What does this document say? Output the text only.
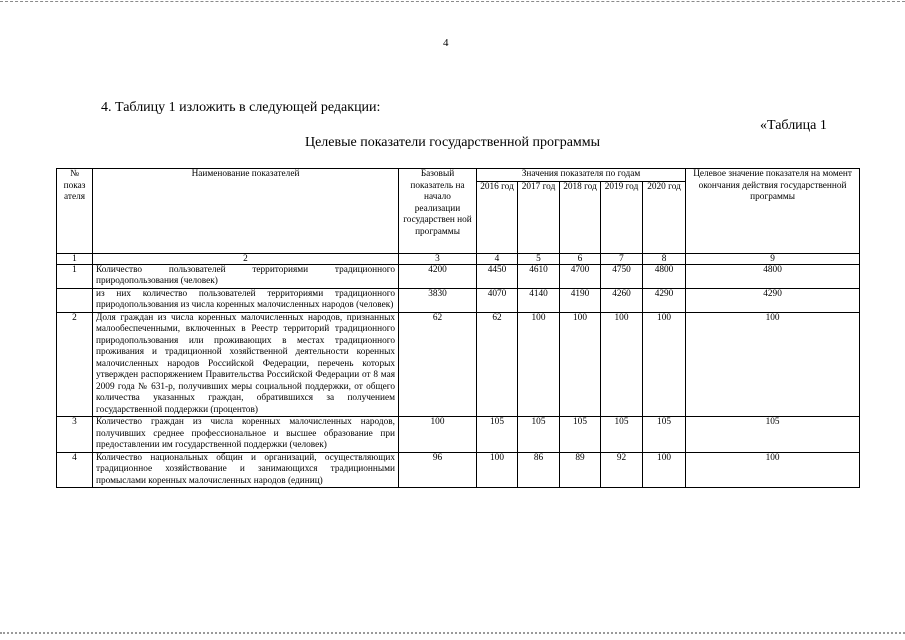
4
4. Таблицу 1 изложить в следующей редакции:
«Таблица 1
Целевые показатели государственной программы
№ показ ателя	Наименование показателей	Базовый показатель на начало реализации государствен ной программы	Значения показателя по годам					Целевое значение показателя на момент окончания действия государственной программы
			2016 год	2017 год	2018 год	2019 год	2020 год	
1	2	3	4	5	6	7	8	9
1	Количество пользователей территориями традиционного природопользования (человек)	4200	4450	4610	4700	4750	4800	4800
	из них количество пользователей территориями традиционного природопользования из числа коренных малочисленных народов (человек)	3830	4070	4140	4190	4260	4290	4290
2	Доля граждан из числа коренных малочисленных народов, признанных малообеспеченными, включенных в Реестр территорий традиционного природопользования или проживающих в местах традиционного проживания и традиционной хозяйственной деятельности коренных малочисленных народов Российской Федерации, перечень которых утвержден распоряжением Правительства Российской Федерации от 8 мая 2009 года № 631-р, получивших меры социальной поддержки, от общего количества указанных граждан, обратившихся за получением государственной поддержки (процентов)	62	62	100	100	100	100	100
3	Количество граждан из числа коренных малочисленных народов, получивших среднее профессиональное и высшее образование при предоставлении им государственной поддержки (человек)	100	105	105	105	105	105	105
4	Количество национальных общин и организаций, осуществляющих традиционное хозяйствование и занимающихся традиционными промыслами коренных малочисленных народов (единиц)	96	100	86	89	92	100	100
